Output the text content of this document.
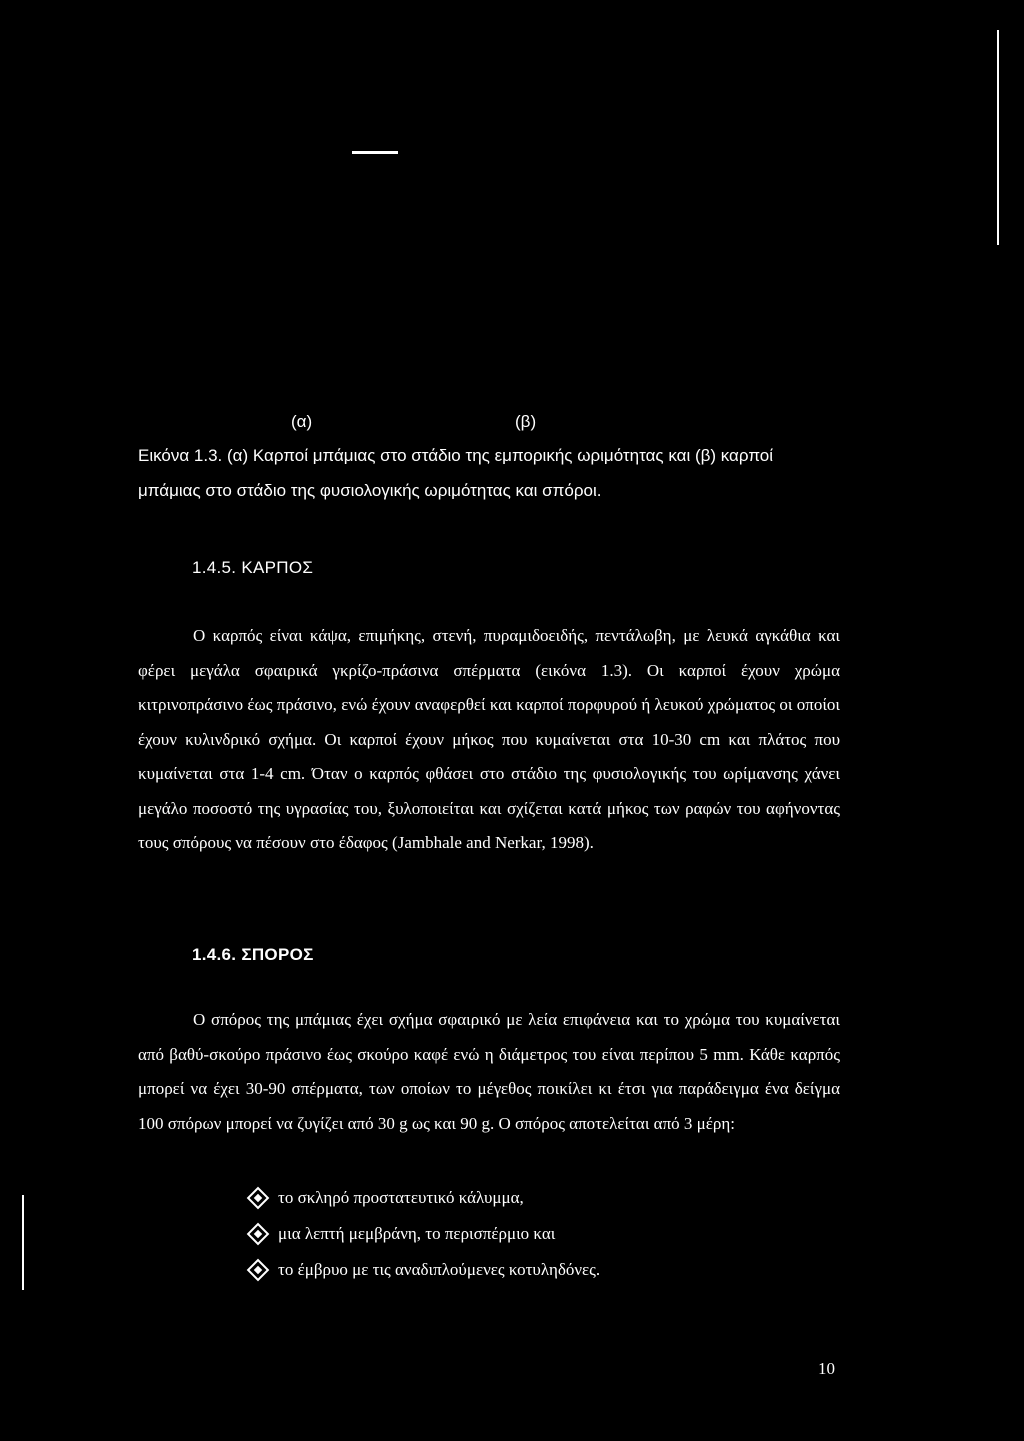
(α)	(β)
Εικόνα 1.3. (α) Καρποί μπάμιας στο στάδιο της εμπορικής ωριμότητας και (β) καρποί
μπάμιας στο στάδιο της φυσιολογικής ωριμότητας και σπόροι.
1.4.5. ΚΑΡΠΟΣ

Ο καρπός είναι κάψα, επιμήκης, στενή, πυραμιδοειδής, πεντάλωβη, με λευκά αγκάθια και φέρει μεγάλα σφαιρικά γκρίζο-πράσινα σπέρματα (εικόνα 1.3). Οι καρποί έχουν χρώμα κιτρινοπράσινο έως πράσινο, ενώ έχουν αναφερθεί και καρποί πορφυρού ή λευκού χρώματος οι οποίοι έχουν κυλινδρικό σχήμα. Οι καρποί έχουν μήκος που κυμαίνεται στα 10-30 cm και πλάτος που κυμαίνεται στα 1-4 cm. Όταν ο καρπός φθάσει στο στάδιο της φυσιολογικής του ωρίμανσης χάνει μεγάλο ποσοστό της υγρασίας του, ξυλοποιείται και σχίζεται κατά μήκος των ραφών του αφήνοντας τους σπόρους να πέσουν στο έδαφος (Jambhale and Nerkar, 1998).

1.4.6. ΣΠΟΡΟΣ

Ο σπόρος της μπάμιας έχει σχήμα σφαιρικό με λεία επιφάνεια και το χρώμα του κυμαίνεται από βαθύ-σκούρο πράσινο έως σκούρο καφέ ενώ η διάμετρος του είναι περίπου 5 mm. Κάθε καρπός μπορεί να έχει 30-90 σπέρματα, των οποίων το μέγεθος ποικίλει κι έτσι για παράδειγμα ένα δείγμα 100 σπόρων μπορεί να ζυγίζει από 30 g ως και 90 g. Ο σπόρος αποτελείται από 3 μέρη:

το σκληρό προστατευτικό κάλυμμα,
μια λεπτή μεμβράνη, το περισπέρμιο και
το έμβρυο με τις αναδιπλούμενες κοτυληδόνες.
10
